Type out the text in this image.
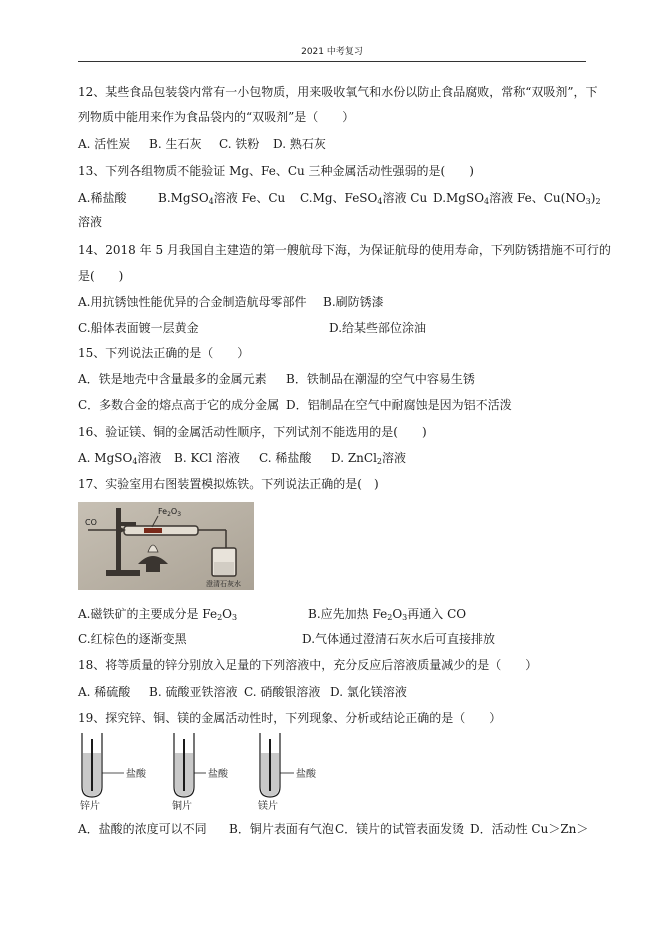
2021 中考复习
12、某些食品包装袋内常有一小包物质，用来吸收氧气和水份以防止食品腐败，常称“双吸剂”，下
列物质中能用来作为食品袋内的“双吸剂”是（　　）
A. 活性炭 B. 生石灰 C. 铁粉 D. 熟石灰
13、下列各组物质不能验证 Mg、Fe、Cu 三种金属活动性强弱的是(　　)
A.稀盐酸	B.MgSO$_4$溶液 Fe、Cu C.Mg、FeSO$_4$溶液 Cu D.MgSO$_4$溶液 Fe、$Cu(NO_3)_2$
溶液
14、2018 年 5 月我国自主建造的第一艘航母下海，为保证航母的使用寿命，下列防锈措施不可行的
是(　　)
A.用抗锈蚀性能优异的合金制造航母零部件 B.刷防锈漆
C.船体表面镀一层黄金	D.给某些部位涂油
15、下列说法正确的是（　　）
A．铁是地壳中含量最多的金属元素 B．铁制品在潮湿的空气中容易生锈
C．多数合金的熔点高于它的成分金属 D．铝制品在空气中耐腐蚀是因为铝不活泼
16、验证镁、铜的金属活动性顺序，下列试剂不能选用的是(　　)
A. MgSO$_4$溶液 B. KCl 溶液 C. 稀盐酸 D. ZnCl$_2$溶液
17、实验室用右图装置模拟炼铁。下列说法正确的是(　)
CO
$Fe_2O_3$
澄清石灰水
A.磁铁矿的主要成分是 $Fe_2O_3$	B.应先加热 $Fe_2O_3$再通入 CO
C.红棕色的逐渐变黑	D.气体通过澄清石灰水后可直接排放
18、将等质量的锌分别放入足量的下列溶液中，充分反应后溶液质量减少的是（　　）
A. 稀硫酸 B. 硫酸亚铁溶液 C. 硝酸银溶液 D. 氯化镁溶液
19、探究锌、铜、镁的金属活动性时，下列现象、分析或结论正确的是（　　）
盐酸
锌片
盐酸
铜片
盐酸
镁片
A．盐酸的浓度可以不同 B．铜片表面有气泡 C．镁片的试管表面发烫 D．活动性 Cu＞Zn＞
